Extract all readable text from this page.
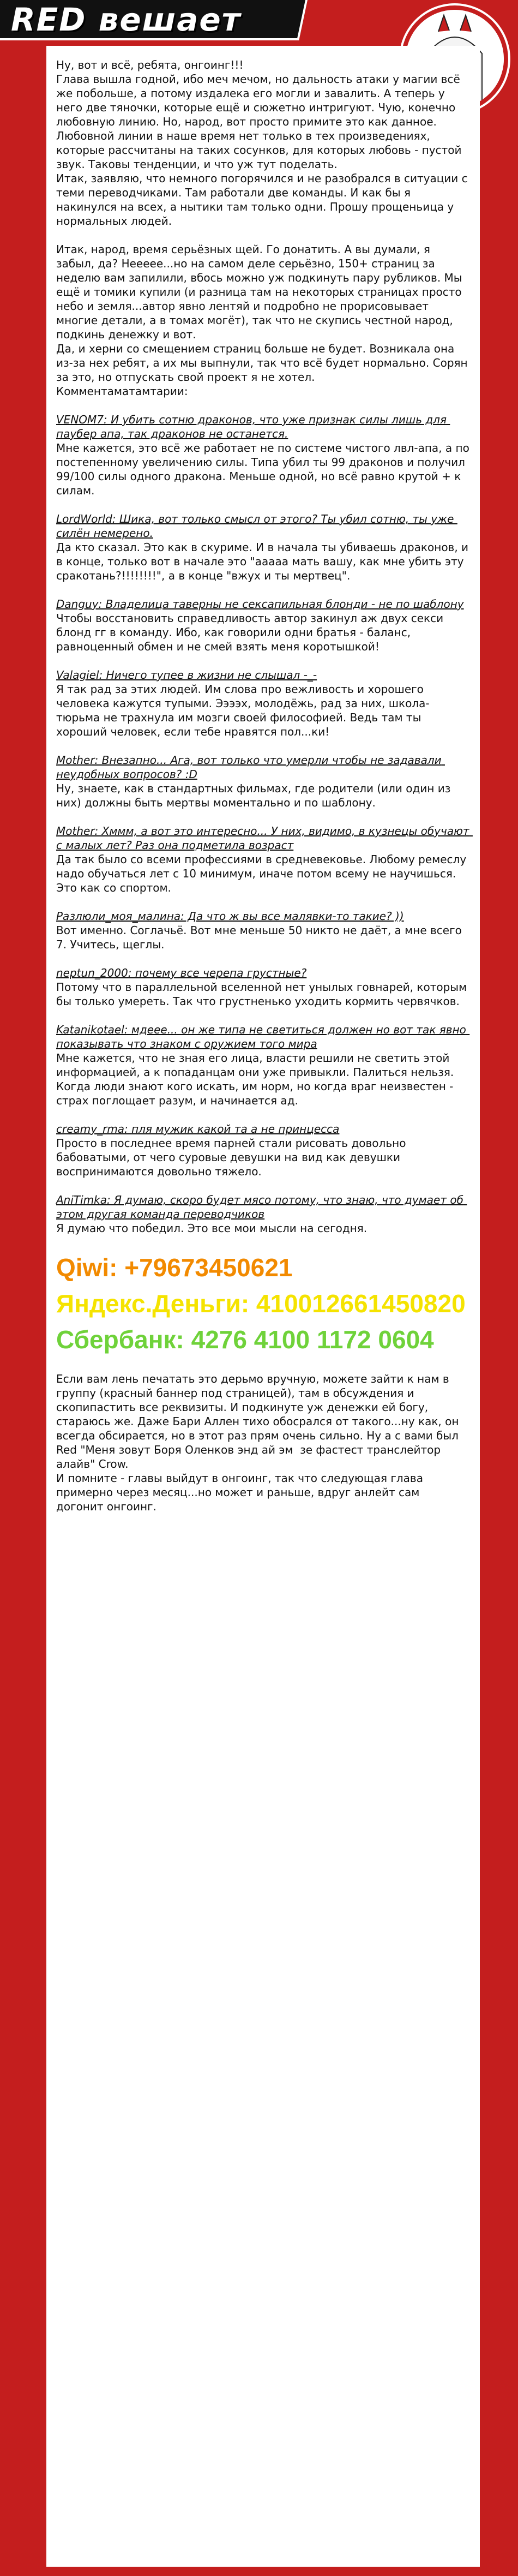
RED вешает

Ну, вот и всё, ребята, онгоинг!!!
Глава вышла годной, ибо меч мечом, но дальность атаки у магии всё же побольше, а потому издалека его могли и завалить. А теперь у него две тяночки, которые ещё и сюжетно интригуют. Чую, конечно любовную линию. Но, народ, вот просто примите это как данное. Любовной линии в наше время нет только в тех произведениях, которые рассчитаны на таких сосунков, для которых любовь - пустой звук. Таковы тенденции, и что уж тут поделать.
Итак, заявляю, что немного погорячился и не разобрался в ситуации с теми переводчиками. Там работали две команды. И как бы я накинулся на всех, а нытики там только одни. Прошу прощеньица у нормальных людей.

Итак, народ, время серьёзных щей. Го донатить. А вы думали, я забыл, да? Неееее...но на самом деле серьёзно, 150+ страниц за неделю вам запилили, вбось можно уж подкинуть пару рубликов. Мы ещё и томики купили (и разница там на некоторых страницах просто небо и земля...автор явно лентяй и подробно не прорисовывает многие детали, а в томах могёт), так что не скупись честной народ, подкинь денежку и вот.
Да, и херни со смещением страниц больше не будет. Возникала она из-за нех ребят, а их мы выпнули, так что всё будет нормально. Сорян за это, но отпускать свой проект я не хотел.
Комментаматамтарии:

VENOM7: И убить сотню драконов, что уже признак силы лишь для паубер апа, так драконов не останется.
Мне кажется, это всё же работает не по системе чистого лвл-апа, а по постепенному увеличению силы. Типа убил ты 99 драконов и получил 99/100 силы одного дракона. Меньше одной, но всё равно крутой + к силам.
LordWorld: Шика, вот только смысл от этого? Ты убил сотню, ты уже силён немерено.
Да кто сказал. Это как в скуриме. И в начала ты убиваешь драконов, и в конце, только вот в начале это "ааааа мать вашу, как мне убить эту сракотань?!!!!!!!!", а в конце "вжух и ты мертвец".
Danguy: Владелица таверны не сексапильная блонди - не по шаблону
Чтобы восстановить справедливость автор закинул аж двух секси блонд гг в команду. Ибо, как говорили одни братья - баланс, равноценный обмен и не смей взять меня коротышкой!
Valagiel: Ничего тупее в жизни не слышал -_-
Я так рад за этих людей. Им слова про вежливость и хорошего человека кажутся тупыми. Ээээх, молодёжь, рад за них, школа-тюрьма не трахнула им мозги своей философией. Ведь там ты хороший человек, если тебе нравятся пол...ки!
Mother: Внезапно... Ага, вот только что умерли чтобы не задавали неудобных вопросов? :D
Ну, знаете, как в стандартных фильмах, где родители (или один из них) должны быть мертвы моментально и по шаблону.
Mother: Хммм, а вот это интересно... У них, видимо, в кузнецы обучают с малых лет? Раз она подметила возраст
Да так было со всеми профессиями в средневековье. Любому ремеслу надо обучаться лет с 10 минимум, иначе потом всему не научишься. Это как со спортом.
Разлюли_моя_малина: Да что ж вы все малявки-то такие? ))
Вот именно. Соглачьё. Вот мне меньше 50 никто не даёт, а мне всего 7. Учитесь, щеглы.
neptun_2000: почему все черепа грустные?
Потому что в параллельной вселенной нет унылых говнарей, которым бы только умереть. Так что грустненько уходить кормить червячков.
Katanikotael: мдеее... он же типа не светиться должен но вот так явно показывать что знаком с оружием того мира
Мне кажется, что не зная его лица, власти решили не светить этой информацией, а к попаданцам они уже привыкли. Палиться нельзя. Когда люди знают кого искать, им норм, но когда враг неизвестен - страх поглощает разум, и начинается ад.
creamy_rma: пля мужик какой та а не принцесса
Просто в последнее время парней стали рисовать довольно бабоватыми, от чего суровые девушки на вид как девушки воспринимаются довольно тяжело.
AniTimka: Я думаю, скоро будет мясо потому, что знаю, что думает об этом другая команда переводчиков
Я думаю что победил. Это все мои мысли на сегодня.

Qiwi: +79673450621

Яндекс.Деньги: 410012661450820

Сбербанк: 4276 4100 1172 0604

Если вам лень печатать это дерьмо вручную, можете зайти к нам в группу (красный баннер под страницей), там в обсуждения и скопипастить все реквизиты. И подкинуте уж денежки ей богу, стараюсь же. Даже Бари Аллен тихо обосрался от такого...ну как, он всегда обсирается, но в этот раз прям очень сильно. Ну а с вами был Red "Меня зовут Боря Оленков энд ай эм  зе фастест транслейтор алайв" Crow.
И помните - главы выйдут в онгоинг, так что следующая глава примерно через месяц...но может и раньше, вдруг анлейт сам догонит онгоинг.
